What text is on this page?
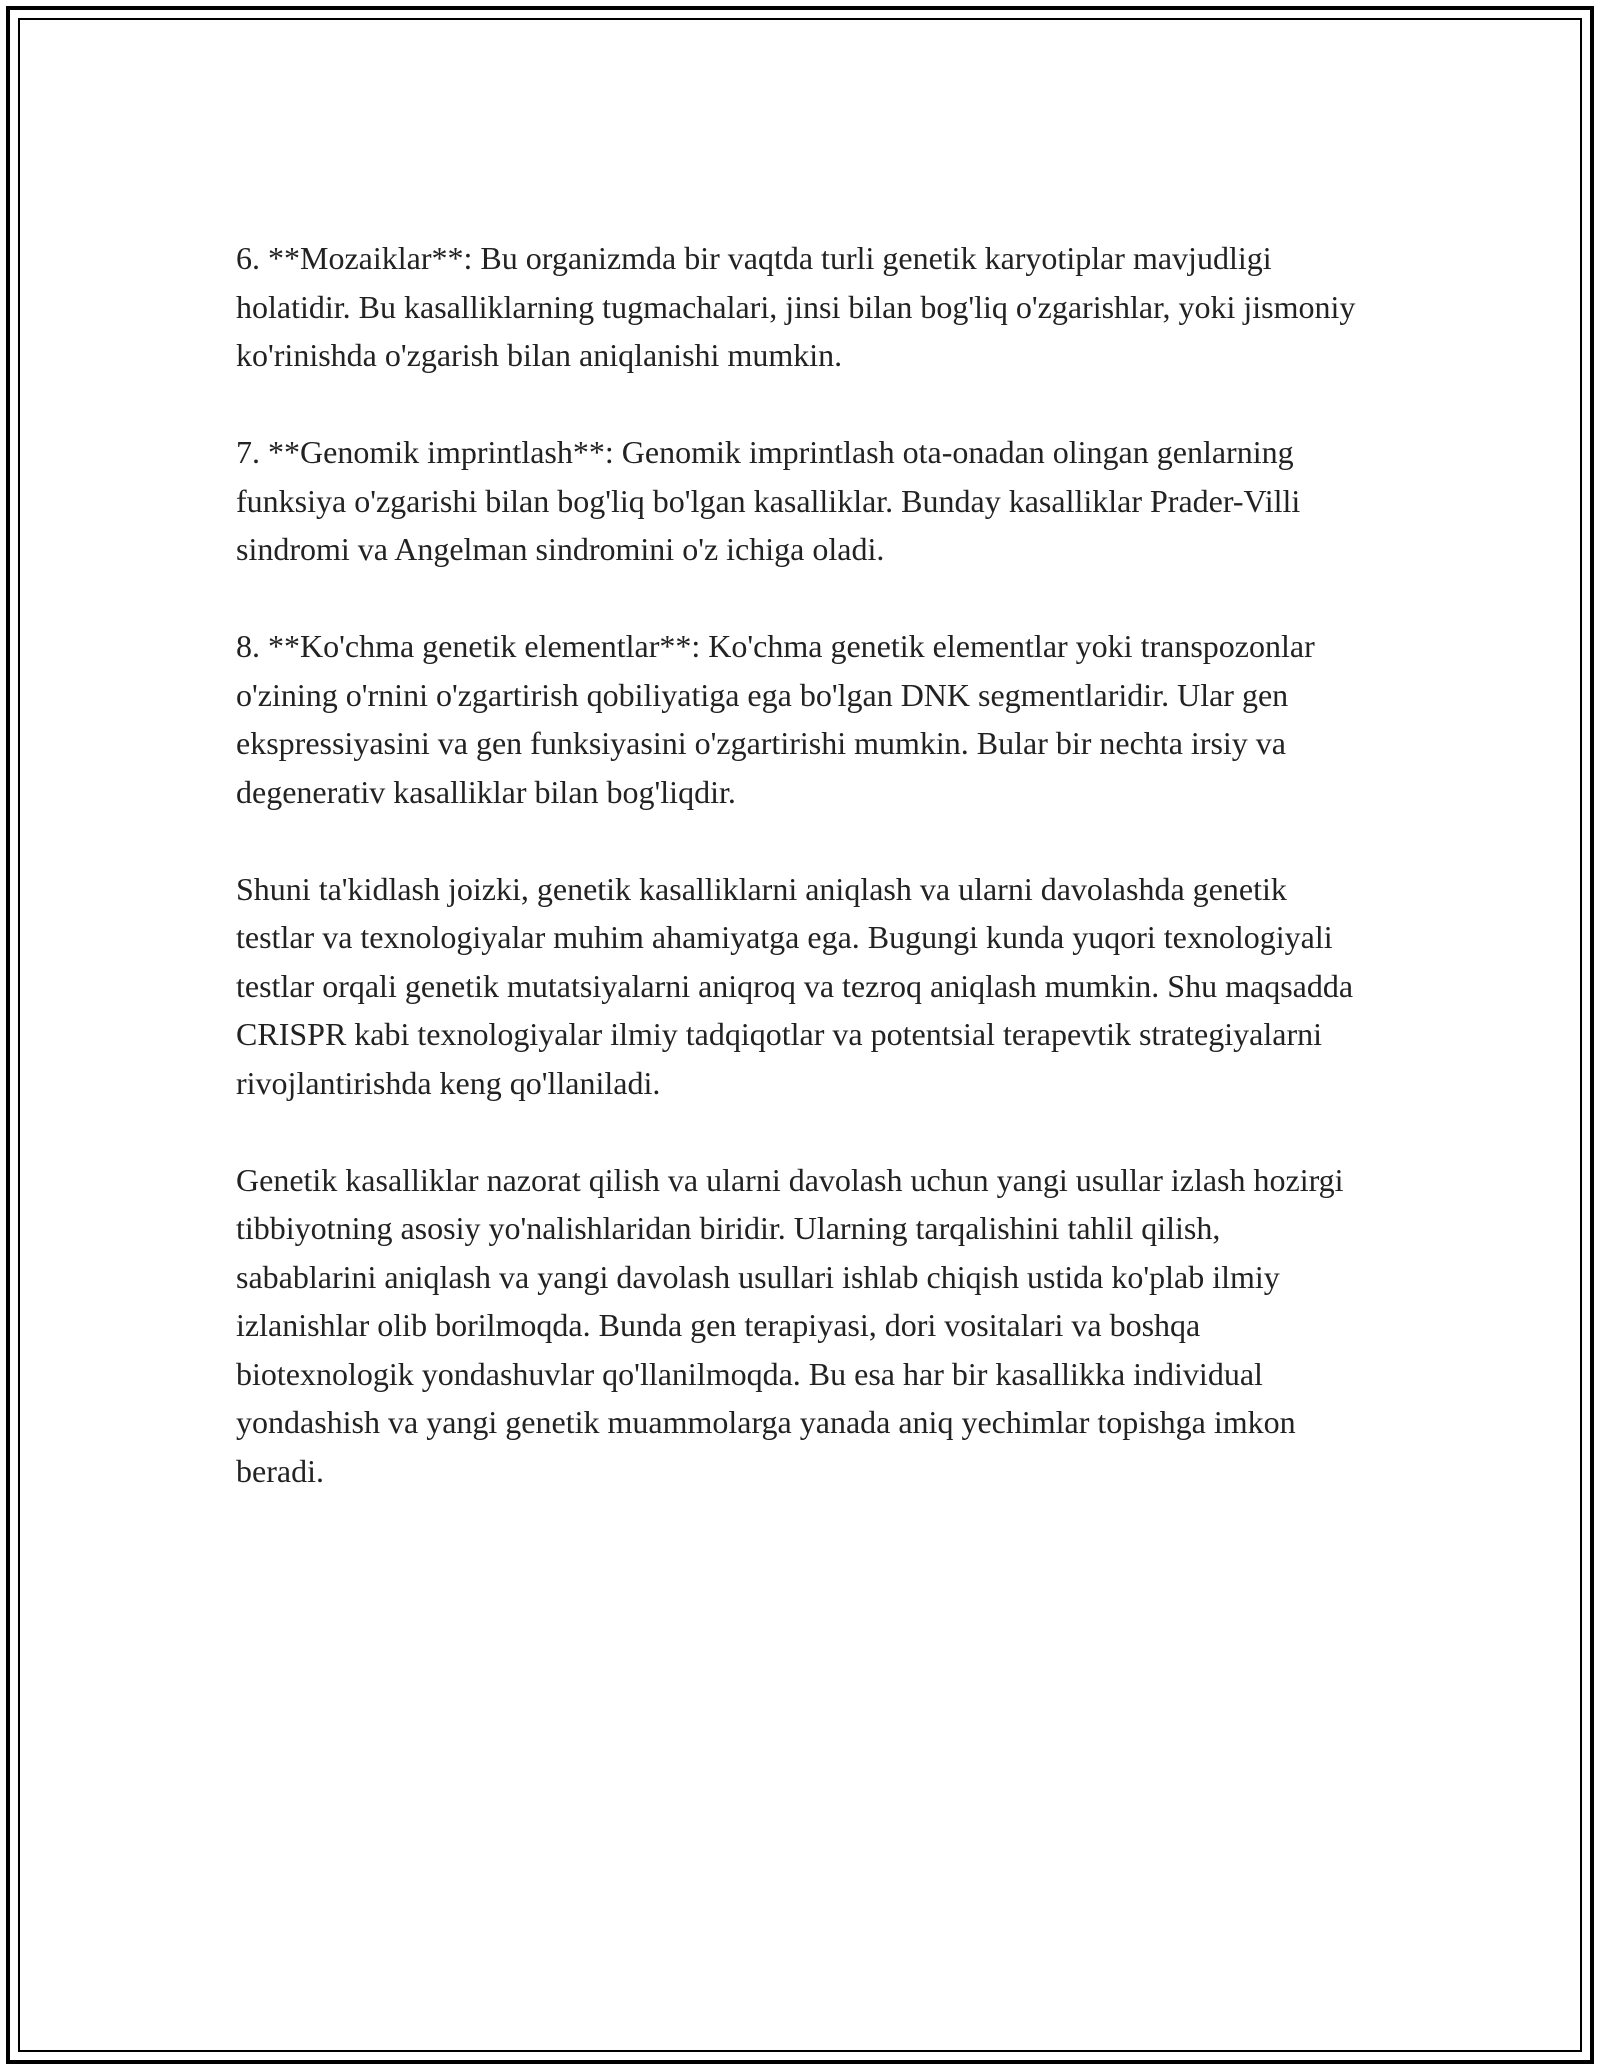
6. **Mozaiklar**: Bu organizmda bir vaqtda turli genetik karyotiplar mavjudligi holatidir. Bu kasalliklarning tugmachalari, jinsi bilan bog'liq o'zgarishlar, yoki jismoniy ko'rinishda o'zgarish bilan aniqlanishi mumkin.

7. **Genomik imprintlash**: Genomik imprintlash ota-onadan olingan genlarning funksiya o'zgarishi bilan bog'liq bo'lgan kasalliklar. Bunday kasalliklar Prader-Villi sindromi va Angelman sindromini o'z ichiga oladi.

8. **Ko'chma genetik elementlar**: Ko'chma genetik elementlar yoki transpozonlar o'zining o'rnini o'zgartirish qobiliyatiga ega bo'lgan DNK segmentlaridir. Ular gen ekspressiyasini va gen funksiyasini o'zgartirishi mumkin. Bular bir nechta irsiy va degenerativ kasalliklar bilan bog'liqdir.

Shuni ta'kidlash joizki, genetik kasalliklarni aniqlash va ularni davolashda genetik testlar va texnologiyalar muhim ahamiyatga ega. Bugungi kunda yuqori texnologiyali testlar orqali genetik mutatsiyalarni aniqroq va tezroq aniqlash mumkin. Shu maqsadda CRISPR kabi texnologiyalar ilmiy tadqiqotlar va potentsial terapevtik strategiyalarni rivojlantirishda keng qo'llaniladi.

Genetik kasalliklar nazorat qilish va ularni davolash uchun yangi usullar izlash hozirgi tibbiyotning asosiy yo'nalishlaridan biridir. Ularning tarqalishini tahlil qilish, sabablarini aniqlash va yangi davolash usullari ishlab chiqish ustida ko'plab ilmiy izlanishlar olib borilmoqda. Bunda gen terapiyasi, dori vositalari va boshqa biotexnologik yondashuvlar qo'llanilmoqda. Bu esa har bir kasallikka individual yondashish va yangi genetik muammolarga yanada aniq yechimlar topishga imkon beradi.
